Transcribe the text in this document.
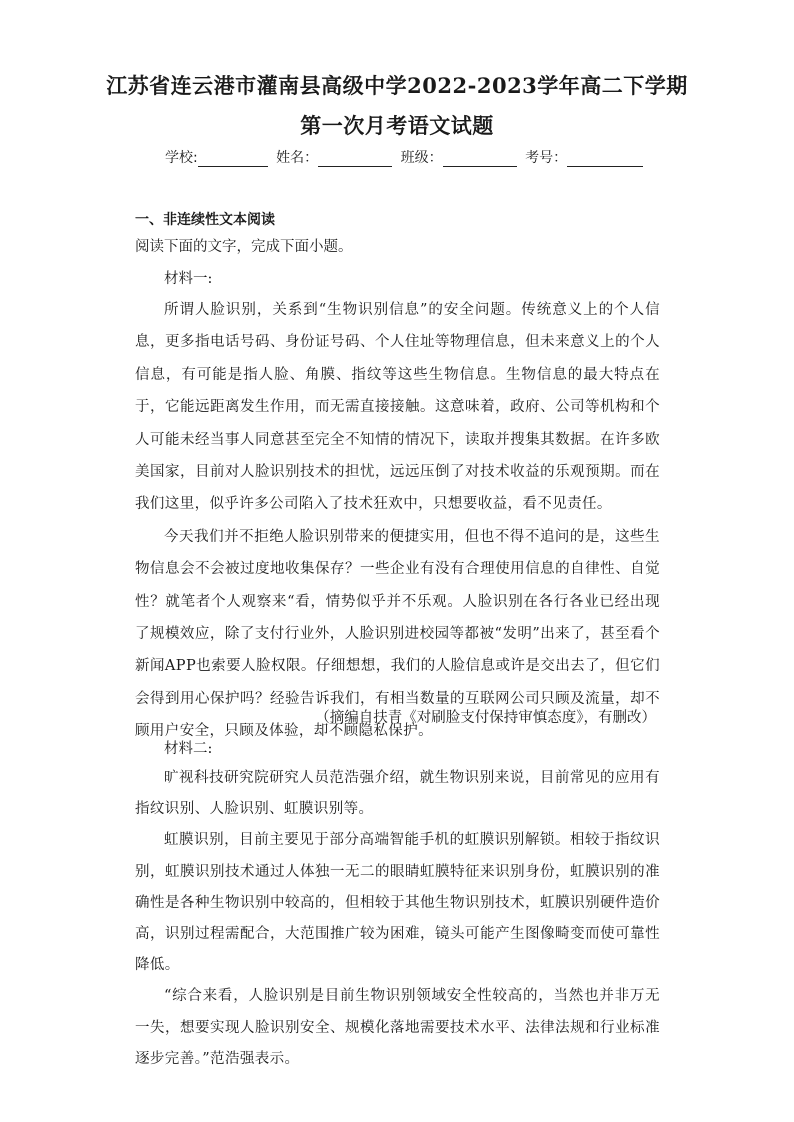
江苏省连云港市灌南县高级中学2022-2023学年高二下学期
第一次月考语文试题
学校:	姓名：	班级：	考号：
一、非连续性文本阅读
阅读下面的文字，完成下面小题。
材料一:

所谓人脸识别，关系到“生物识别信息”的安全问题。传统意义上的个人信息，更多指电话号码、身份证号码、个人住址等物理信息，但未来意义上的个人信息，有可能是指人脸、角膜、指纹等这些生物信息。生物信息的最大特点在于，它能远距离发生作用，而无需直接接触。这意味着，政府、公司等机构和个人可能未经当事人同意甚至完全不知情的情况下，读取并搜集其数据。在许多欧美国家，目前对人脸识别技术的担忧，远远压倒了对技术收益的乐观预期。而在我们这里，似乎许多公司陷入了技术狂欢中，只想要收益，看不见责任。

今天我们并不拒绝人脸识别带来的便捷实用，但也不得不追问的是，这些生物信息会不会被过度地收集保存？一些企业有没有合理使用信息的自律性、自觉性？就笔者个人观察来“看，情势似乎并不乐观。人脸识别在各行各业已经出现了规模效应，除了支付行业外，人脸识别进校园等都被“发明”出来了，甚至看个新闻APP也索要人脸权限。仔细想想，我们的人脸信息或许是交出去了，但它们会得到用心保护吗？经验告诉我们，有相当数量的互联网公司只顾及流量，却不顾用户安全，只顾及体验，却不顾隐私保护。

（摘编自扶青《对刷脸支付保持审慎态度》，有删改）
材料二:

旷视科技研究院研究人员范浩强介绍，就生物识别来说，目前常见的应用有指纹识别、人脸识别、虹膜识别等。

虹膜识别，目前主要见于部分高端智能手机的虹膜识别解锁。相较于指纹识别，虹膜识别技术通过人体独一无二的眼睛虹膜特征来识别身份，虹膜识别的准确性是各种生物识别中较高的，但相较于其他生物识别技术，虹膜识别硬件造价高，识别过程需配合，大范围推广较为困难，镜头可能产生图像畸变而使可靠性降低。

“综合来看，人脸识别是目前生物识别领域安全性较高的，当然也并非万无一失，想要实现人脸识别安全、规模化落地需要技术水平、法律法规和行业标准逐步完善。”范浩强表示。
